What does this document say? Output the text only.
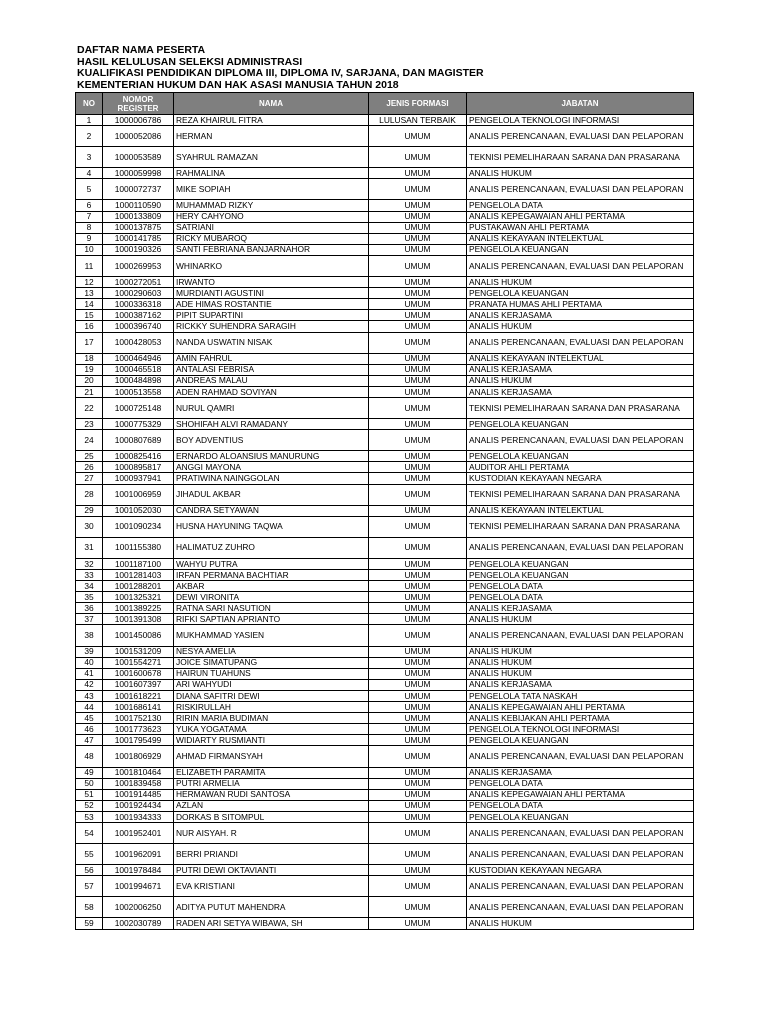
DAFTAR NAMA PESERTA
HASIL KELULUSAN SELEKSI ADMINISTRASI
KUALIFIKASI PENDIDIKAN DIPLOMA III, DIPLOMA IV, SARJANA, DAN MAGISTER
KEMENTERIAN HUKUM DAN HAK ASASI MANUSIA TAHUN 2018
NO	NOMOR REGISTER	NAMA	JENIS FORMASI	JABATAN
1	1000006786	REZA KHAIRUL FITRA	LULUSAN TERBAIK	PENGELOLA TEKNOLOGI INFORMASI
2	1000052086	HERMAN	UMUM	ANALIS PERENCANAAN, EVALUASI DAN PELAPORAN
3	1000053589	SYAHRUL RAMAZAN	UMUM	TEKNISI PEMELIHARAAN SARANA DAN PRASARANA
4	1000059998	RAHMALINA	UMUM	ANALIS HUKUM
5	1000072737	MIKE SOPIAH	UMUM	ANALIS PERENCANAAN, EVALUASI DAN PELAPORAN
6	1000110590	MUHAMMAD RIZKY	UMUM	PENGELOLA DATA
7	1000133809	HERY CAHYONO	UMUM	ANALIS KEPEGAWAIAN AHLI PERTAMA
8	1000137875	SATRIANI	UMUM	PUSTAKAWAN AHLI PERTAMA
9	1000141785	RICKY MUBAROQ	UMUM	ANALIS KEKAYAAN INTELEKTUAL
10	1000190326	SANTI FEBRIANA BANJARNAHOR	UMUM	PENGELOLA KEUANGAN
11	1000269953	WHINARKO	UMUM	ANALIS PERENCANAAN, EVALUASI DAN PELAPORAN
12	1000272051	IRWANTO	UMUM	ANALIS HUKUM
13	1000290603	MURDIANTI AGUSTINI	UMUM	PENGELOLA KEUANGAN
14	1000336318	ADE HIMAS ROSTANTIE	UMUM	PRANATA HUMAS AHLI PERTAMA
15	1000387162	PIPIT SUPARTINI	UMUM	ANALIS KERJASAMA
16	1000396740	RICKKY SUHENDRA SARAGIH	UMUM	ANALIS HUKUM
17	1000428053	NANDA USWATIN NISAK	UMUM	ANALIS PERENCANAAN, EVALUASI DAN PELAPORAN
18	1000464946	AMIN FAHRUL	UMUM	ANALIS KEKAYAAN INTELEKTUAL
19	1000465518	ANTALASI FEBRISA	UMUM	ANALIS KERJASAMA
20	1000484898	ANDREAS MALAU	UMUM	ANALIS HUKUM
21	1000513558	ADEN RAHMAD SOVIYAN	UMUM	ANALIS KERJASAMA
22	1000725148	NURUL QAMRI	UMUM	TEKNISI PEMELIHARAAN SARANA DAN PRASARANA
23	1000775329	SHOHIFAH ALVI RAMADANY	UMUM	PENGELOLA KEUANGAN
24	1000807689	BOY ADVENTIUS	UMUM	ANALIS PERENCANAAN, EVALUASI DAN PELAPORAN
25	1000825416	ERNARDO ALOANSIUS MANURUNG	UMUM	PENGELOLA KEUANGAN
26	1000895817	ANGGI MAYONA	UMUM	AUDITOR AHLI PERTAMA
27	1000937941	PRATIWINA NAINGGOLAN	UMUM	KUSTODIAN KEKAYAAN NEGARA
28	1001006959	JIHADUL AKBAR	UMUM	TEKNISI PEMELIHARAAN SARANA DAN PRASARANA
29	1001052030	CANDRA SETYAWAN	UMUM	ANALIS KEKAYAAN INTELEKTUAL
30	1001090234	HUSNA HAYUNING TAQWA	UMUM	TEKNISI PEMELIHARAAN SARANA DAN PRASARANA
31	1001155380	HALIMATUZ ZUHRO	UMUM	ANALIS PERENCANAAN, EVALUASI DAN PELAPORAN
32	1001187100	WAHYU PUTRA	UMUM	PENGELOLA KEUANGAN
33	1001281403	IRFAN PERMANA BACHTIAR	UMUM	PENGELOLA KEUANGAN
34	1001288201	AKBAR	UMUM	PENGELOLA DATA
35	1001325321	DEWI VIRONITA	UMUM	PENGELOLA DATA
36	1001389225	RATNA SARI NASUTION	UMUM	ANALIS KERJASAMA
37	1001391308	RIFKI SAPTIAN APRIANTO	UMUM	ANALIS HUKUM
38	1001450086	MUKHAMMAD YASIEN	UMUM	ANALIS PERENCANAAN, EVALUASI DAN PELAPORAN
39	1001531209	NESYA AMELIA	UMUM	ANALIS HUKUM
40	1001554271	JOICE SIMATUPANG	UMUM	ANALIS HUKUM
41	1001600678	HAIRUN TUAHUNS	UMUM	ANALIS HUKUM
42	1001607397	ARI WAHYUDI	UMUM	ANALIS KERJASAMA
43	1001618221	DIANA SAFITRI DEWI	UMUM	PENGELOLA TATA NASKAH
44	1001686141	RISKIRULLAH	UMUM	ANALIS KEPEGAWAIAN AHLI PERTAMA
45	1001752130	RIRIN MARIA BUDIMAN	UMUM	ANALIS KEBIJAKAN AHLI PERTAMA
46	1001773623	YUKA YOGATAMA	UMUM	PENGELOLA TEKNOLOGI INFORMASI
47	1001795499	WIDIARTY RUSMIANTI	UMUM	PENGELOLA KEUANGAN
48	1001806929	AHMAD FIRMANSYAH	UMUM	ANALIS PERENCANAAN, EVALUASI DAN PELAPORAN
49	1001810464	ELIZABETH PARAMITA	UMUM	ANALIS KERJASAMA
50	1001839458	PUTRI ARMELIA	UMUM	PENGELOLA DATA
51	1001914485	HERMAWAN RUDI SANTOSA	UMUM	ANALIS KEPEGAWAIAN AHLI PERTAMA
52	1001924434	AZLAN	UMUM	PENGELOLA DATA
53	1001934333	DORKAS B SITOMPUL	UMUM	PENGELOLA KEUANGAN
54	1001952401	NUR AISYAH. R	UMUM	ANALIS PERENCANAAN, EVALUASI DAN PELAPORAN
55	1001962091	BERRI PRIANDI	UMUM	ANALIS PERENCANAAN, EVALUASI DAN PELAPORAN
56	1001978484	PUTRI DEWI OKTAVIANTI	UMUM	KUSTODIAN KEKAYAAN NEGARA
57	1001994671	EVA KRISTIANI	UMUM	ANALIS PERENCANAAN, EVALUASI DAN PELAPORAN
58	1002006250	ADITYA PUTUT MAHENDRA	UMUM	ANALIS PERENCANAAN, EVALUASI DAN PELAPORAN
59	1002030789	RADEN ARI SETYA WIBAWA, SH	UMUM	ANALIS HUKUM
